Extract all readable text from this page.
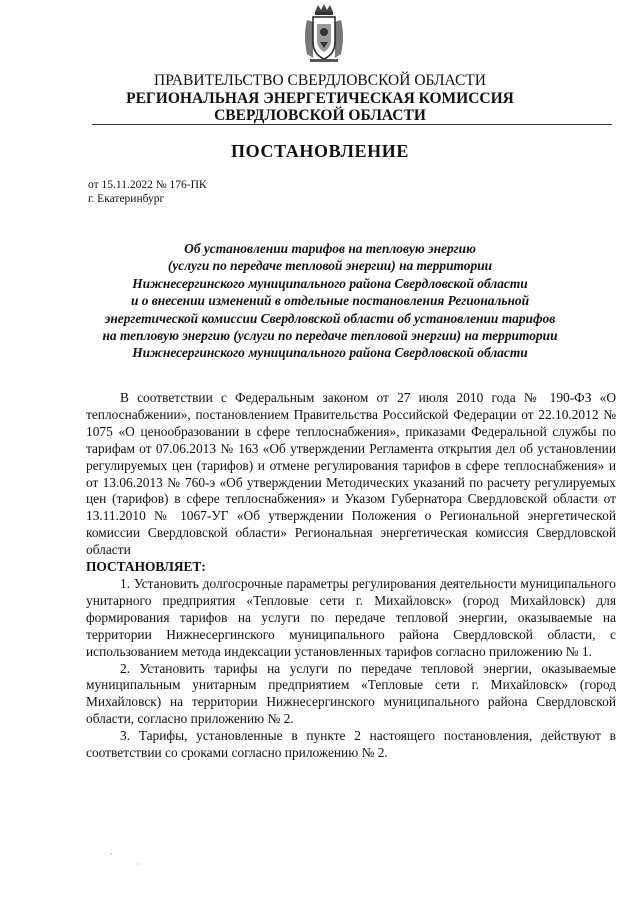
ПРАВИТЕЛЬСТВО СВЕРДЛОВСКОЙ ОБЛАСТИ
РЕГИОНАЛЬНАЯ ЭНЕРГЕТИЧЕСКАЯ КОМИССИЯ
СВЕРДЛОВСКОЙ ОБЛАСТИ
ПОСТАНОВЛЕНИЕ
от 15.11.2022 № 176-ПК
г. Екатеринбург
Об установлении тарифов на тепловую энергию
(услуги по передаче тепловой энергии) на территории
Нижнесергинского муниципального района Свердловской области
и о внесении изменений в отдельные постановления Региональной
энергетической комиссии Свердловской области об установлении тарифов
на тепловую энергию (услуги по передаче тепловой энергии) на территории
Нижнесергинского муниципального района Свердловской области

В соответствии с Федеральным законом от 27 июля 2010 года № 190-ФЗ «О теплоснабжении», постановлением Правительства Российской Федерации от 22.10.2012 № 1075 «О ценообразовании в сфере теплоснабжения», приказами Федеральной службы по тарифам от 07.06.2013 № 163 «Об утверждении Регламента открытия дел об установлении регулируемых цен (тарифов) и отмене регулирования тарифов в сфере теплоснабжения» и от 13.06.2013 № 760-э «Об утверждении Методических указаний по расчету регулируемых цен (тарифов) в сфере теплоснабжения» и Указом Губернатора Свердловской области от 13.11.2010 № 1067-УГ «Об утверждении Положения о Региональной энергетической комиссии Свердловской области» Региональная энергетическая комиссия Свердловской области

ПОСТАНОВЛЯЕТ:

1. Установить долгосрочные параметры регулирования деятельности муниципального унитарного предприятия «Тепловые сети г. Михайловск» (город Михайловск) для формирования тарифов на услуги по передаче тепловой энергии, оказываемые на территории Нижнесергинского муниципального района Свердловской области, с использованием метода индексации установленных тарифов согласно приложению № 1.

2. Установить тарифы на услуги по передаче тепловой энергии, оказываемые муниципальным унитарным предприятием «Тепловые сети г. Михайловск» (город Михайловск) на территории Нижнесергинского муниципального района Свердловской области, согласно приложению № 2.

3. Тарифы, установленные в пункте 2 настоящего постановления, действуют в соответствии со сроками согласно приложению № 2.
